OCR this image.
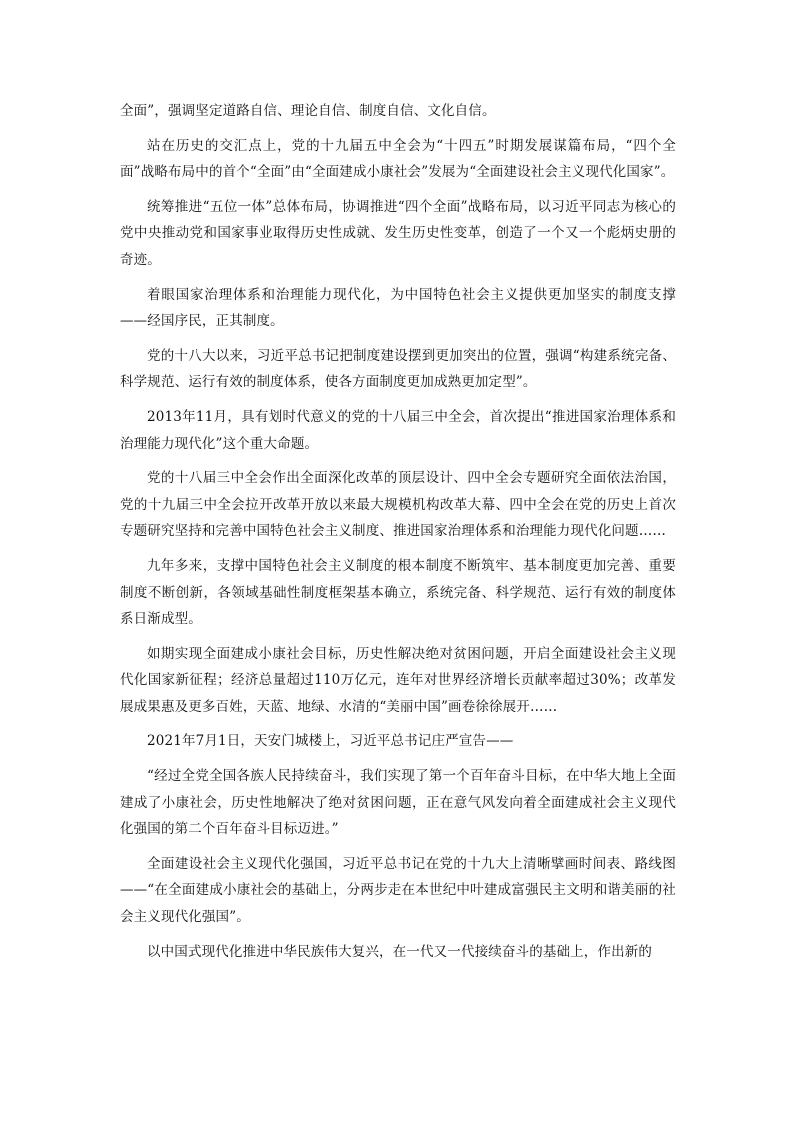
全面”，强调坚定道路自信、理论自信、制度自信、文化自信。

站在历史的交汇点上，党的十九届五中全会为“十四五”时期发展谋篇布局，“四个全面”战略布局中的首个“全面”由“全面建成小康社会”发展为“全面建设社会主义现代化国家”。

统筹推进“五位一体”总体布局，协调推进“四个全面”战略布局，以习近平同志为核心的党中央推动党和国家事业取得历史性成就、发生历史性变革，创造了一个又一个彪炳史册的奇迹。

着眼国家治理体系和治理能力现代化，为中国特色社会主义提供更加坚实的制度支撑——经国序民，正其制度。

党的十八大以来，习近平总书记把制度建设摆到更加突出的位置，强调“构建系统完备、科学规范、运行有效的制度体系，使各方面制度更加成熟更加定型”。

2013年11月，具有划时代意义的党的十八届三中全会，首次提出“推进国家治理体系和治理能力现代化”这个重大命题。

党的十八届三中全会作出全面深化改革的顶层设计、四中全会专题研究全面依法治国，党的十九届三中全会拉开改革开放以来最大规模机构改革大幕、四中全会在党的历史上首次专题研究坚持和完善中国特色社会主义制度、推进国家治理体系和治理能力现代化问题……

九年多来，支撑中国特色社会主义制度的根本制度不断筑牢、基本制度更加完善、重要制度不断创新，各领域基础性制度框架基本确立，系统完备、科学规范、运行有效的制度体系日渐成型。

如期实现全面建成小康社会目标，历史性解决绝对贫困问题，开启全面建设社会主义现代化国家新征程；经济总量超过110万亿元，连年对世界经济增长贡献率超过30%；改革发展成果惠及更多百姓，天蓝、地绿、水清的“美丽中国”画卷徐徐展开……

2021年7月1日，天安门城楼上，习近平总书记庄严宣告——

“经过全党全国各族人民持续奋斗，我们实现了第一个百年奋斗目标，在中华大地上全面建成了小康社会，历史性地解决了绝对贫困问题，正在意气风发向着全面建成社会主义现代化强国的第二个百年奋斗目标迈进。”

全面建设社会主义现代化强国，习近平总书记在党的十九大上清晰擘画时间表、路线图——“在全面建成小康社会的基础上，分两步走在本世纪中叶建成富强民主文明和谐美丽的社会主义现代化强国”。

以中国式现代化推进中华民族伟大复兴，在一代又一代接续奋斗的基础上，作出新的
